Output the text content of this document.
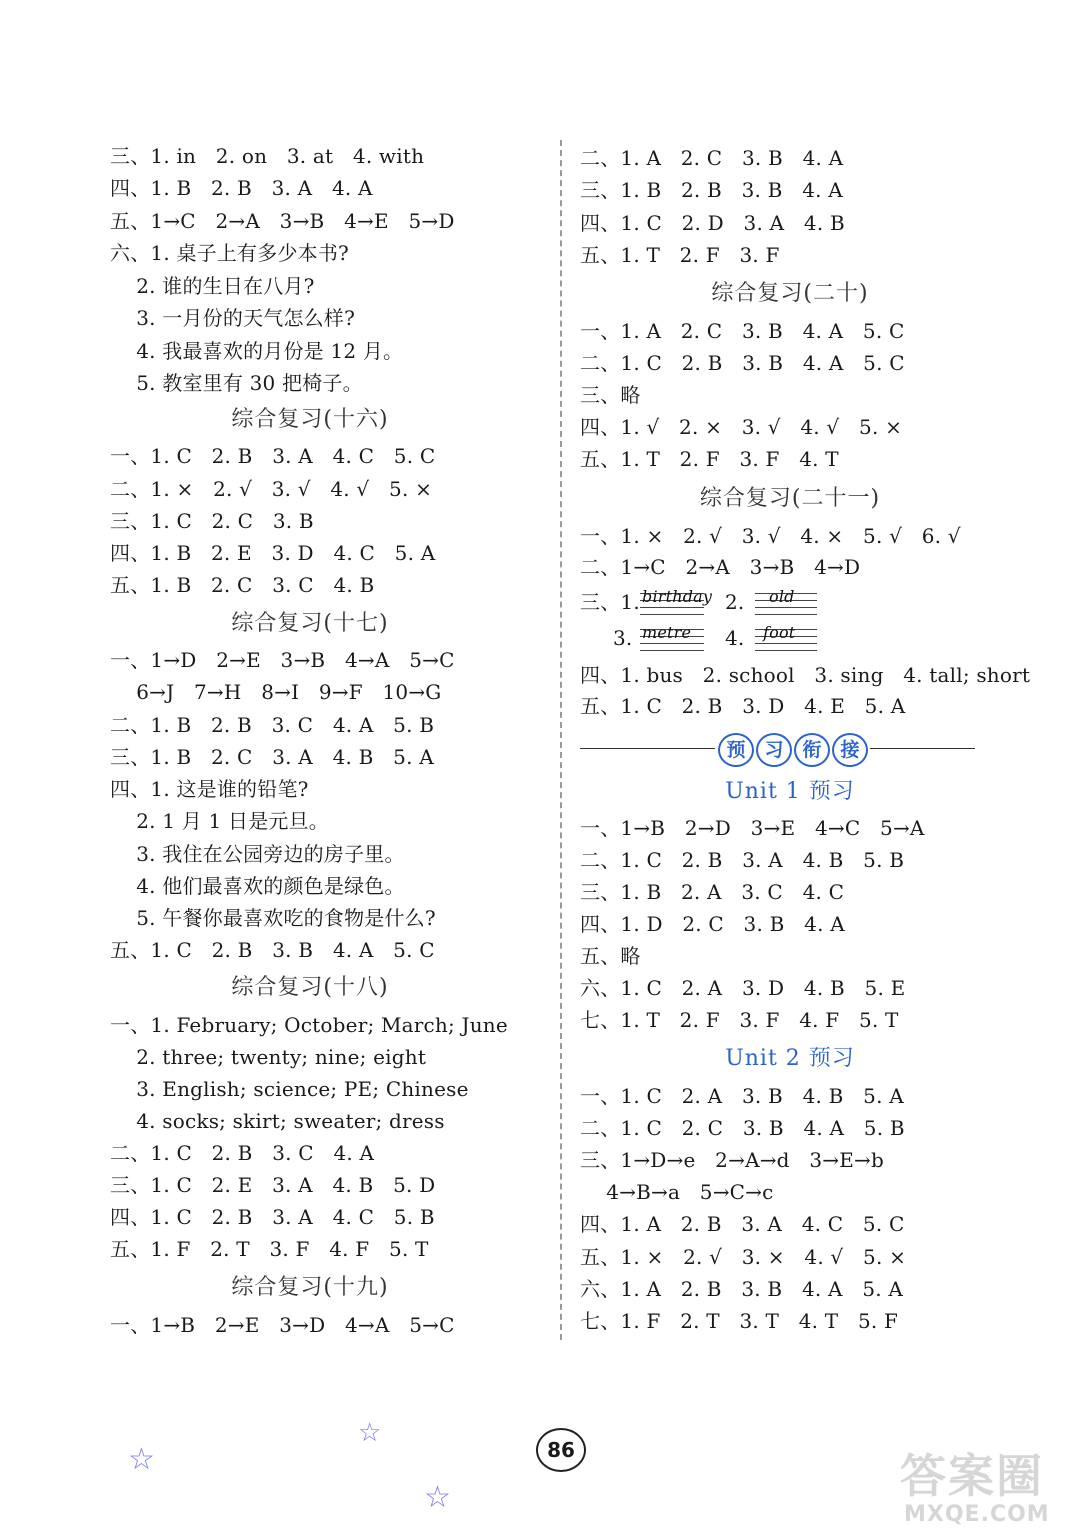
三、1. in   2. on   3. at   4. with
四、1. B   2. B   3. A   4. A
五、1→C   2→A   3→B   4→E   5→D
六、1. 桌子上有多少本书?
2. 谁的生日在八月?
3. 一月份的天气怎么样?
4. 我最喜欢的月份是 12 月。
5. 教室里有 30 把椅子。
综合复习(十六)
一、1. C   2. B   3. A   4. C   5. C
二、1. ×   2. √   3. √   4. √   5. ×
三、1. C   2. C   3. B
四、1. B   2. E   3. D   4. C   5. A
五、1. B   2. C   3. C   4. B
综合复习(十七)
一、1→D   2→E   3→B   4→A   5→C
6→J   7→H   8→I   9→F   10→G
二、1. B   2. B   3. C   4. A   5. B
三、1. B   2. C   3. A   4. B   5. A
四、1. 这是谁的铅笔?
2. 1 月 1 日是元旦。
3. 我住在公园旁边的房子里。
4. 他们最喜欢的颜色是绿色。
5. 午餐你最喜欢吃的食物是什么?
五、1. C   2. B   3. B   4. A   5. C
综合复习(十八)
一、1. February; October; March; June
2. three; twenty; nine; eight
3. English; science; PE; Chinese
4. socks; skirt; sweater; dress
二、1. C   2. B   3. C   4. A
三、1. C   2. E   3. A   4. B   5. D
四、1. C   2. B   3. A   4. C   5. B
五、1. F   2. T   3. F   4. F   5. T
综合复习(十九)
一、1→B   2→E   3→D   4→A   5→C
二、1. A   2. C   3. B   4. A
三、1. B   2. B   3. B   4. A
四、1. C   2. D   3. A   4. B
五、1. T   2. F   3. F
综合复习(二十)
一、1. A   2. C   3. B   4. A   5. C
二、1. C   2. B   3. B   4. A   5. C
三、略
四、1. √   2. ×   3. √   4. √   5. ×
五、1. T   2. F   3. F   4. T
综合复习(二十一)
一、1. ×   2. √   3. √   4. ×   5. √   6. √
二、1→C   2→A   3→B   4→D

三、1.

birthday

2.

old

3.

metre

4.

foot

四、1. bus   2. school   3. sing   4. tall; short
五、1. C   2. B   3. D   4. E   5. A
Unit 1 预习
一、1→B   2→D   3→E   4→C   5→A
二、1. C   2. B   3. A   4. B   5. B
三、1. B   2. A   3. C   4. C
四、1. D   2. C   3. B   4. A
五、略
六、1. C   2. A   3. D   4. B   5. E
七、1. T   2. F   3. F   4. F   5. T
Unit 2 预习
一、1. C   2. A   3. B   4. B   5. A
二、1. C   2. C   3. B   4. A   5. B
三、1→D→e   2→A→d   3→E→b
4→B→a   5→C→c
四、1. A   2. B   3. A   4. C   5. C
五、1. ×   2. √   3. ×   4. √   5. ×
六、1. A   2. B   3. B   4. A   5. A
七、1. F   2. T   3. T   4. T   5. F
预 习 衔 接
86
☆
☆
☆	答案圈
MXQE.COM
